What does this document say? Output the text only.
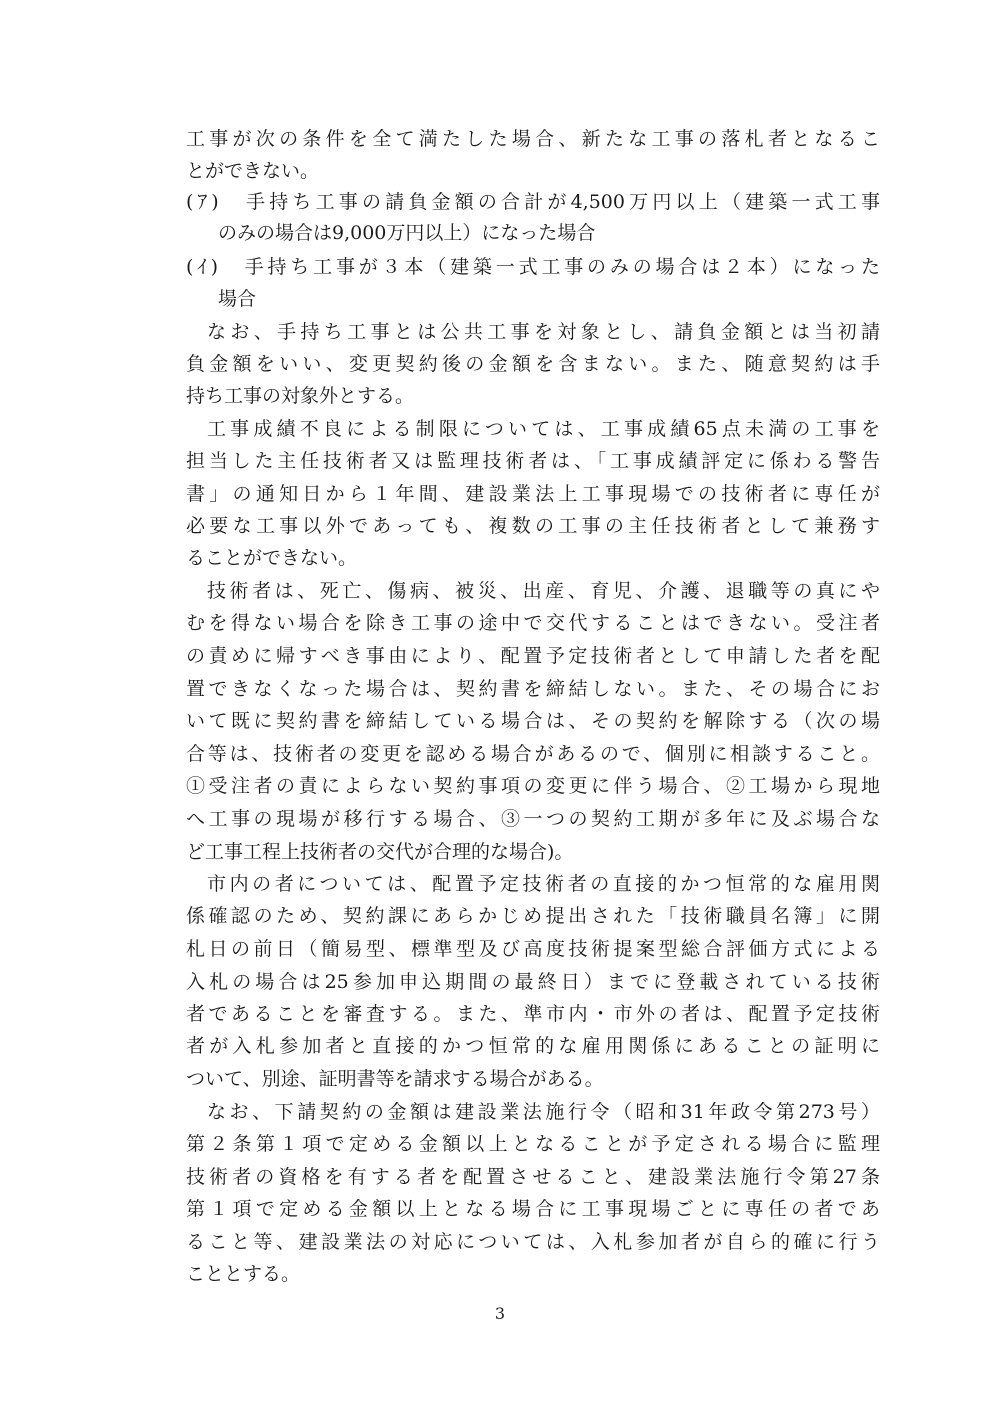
工事が次の条件を全て満たした場合、新たな工事の落札者となるこ
とができない。
(ｱ)　手持ち工事の請負金額の合計が4,500万円以上（建築一式工事
のみの場合は9,000万円以上）になった場合
(ｲ)　手持ち工事が３本（建築一式工事のみの場合は２本）になった
場合
なお、手持ち工事とは公共工事を対象とし、請負金額とは当初請
負金額をいい、変更契約後の金額を含まない。また、随意契約は手
持ち工事の対象外とする。
工事成績不良による制限については、工事成績65点未満の工事を
担当した主任技術者又は監理技術者は、「工事成績評定に係わる警告
書」の通知日から１年間、建設業法上工事現場での技術者に専任が
必要な工事以外であっても、複数の工事の主任技術者として兼務す
ることができない。
技術者は、死亡、傷病、被災、出産、育児、介護、退職等の真にや
むを得ない場合を除き工事の途中で交代することはできない。受注者
の責めに帰すべき事由により、配置予定技術者として申請した者を配
置できなくなった場合は、契約書を締結しない。また、その場合にお
いて既に契約書を締結している場合は、その契約を解除する（次の場
合等は、技術者の変更を認める場合があるので、個別に相談すること。
①受注者の責によらない契約事項の変更に伴う場合、②工場から現地
へ工事の現場が移行する場合、③一つの契約工期が多年に及ぶ場合な
ど工事工程上技術者の交代が合理的な場合)。
市内の者については、配置予定技術者の直接的かつ恒常的な雇用関
係確認のため、契約課にあらかじめ提出された「技術職員名簿」に開
札日の前日（簡易型、標準型及び高度技術提案型総合評価方式による
入札の場合は25参加申込期間の最終日）までに登載されている技術
者であることを審査する。また、準市内・市外の者は、配置予定技術
者が入札参加者と直接的かつ恒常的な雇用関係にあることの証明に
ついて、別途、証明書等を請求する場合がある。
なお、下請契約の金額は建設業法施行令（昭和31年政令第273号）
第２条第１項で定める金額以上となることが予定される場合に監理
技術者の資格を有する者を配置させること、建設業法施行令第27条
第１項で定める金額以上となる場合に工事現場ごとに専任の者であ
ること等、建設業法の対応については、入札参加者が自ら的確に行う
こととする。
3
